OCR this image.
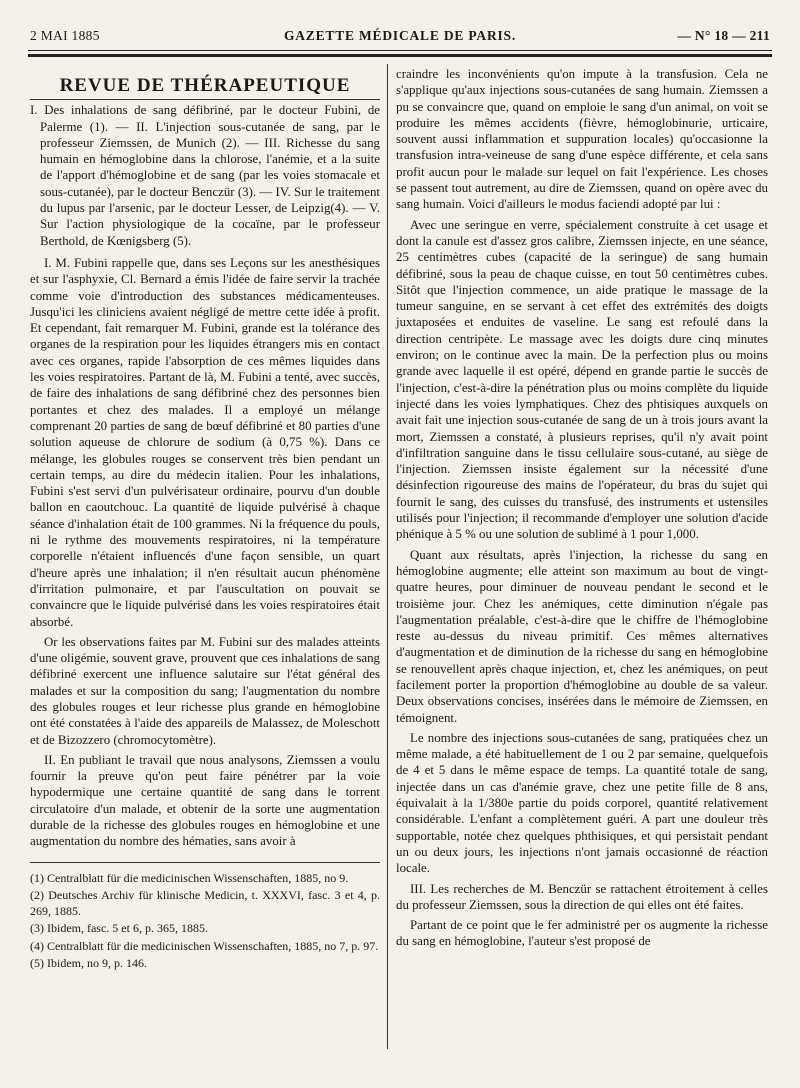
2 MAI 1885	GAZETTE MÉDICALE DE PARIS.	— N° 18 — 211
REVUE DE THÉRAPEUTIQUE

I. Des inhalations de sang défibriné, par le docteur Fubini, de Palerme (1). — II. L'injection sous-cutanée de sang, par le professeur Ziemssen, de Munich (2). — III. Richesse du sang humain en hémoglobine dans la chlorose, l'anémie, et a la suite de l'apport d'hémoglobine et de sang (par les voies stomacale et sous-cutanée), par le docteur Benczür (3). — IV. Sur le traitement du lupus par l'arsenic, par le docteur Lesser, de Leipzig(4). — V. Sur l'action physiologique de la cocaïne, par le professeur Berthold, de Kœnigsberg (5).

I. M. Fubini rappelle que, dans ses Leçons sur les anesthésiques et sur l'asphyxie, Cl. Bernard a émis l'idée de faire servir la trachée comme voie d'introduction des substances médicamenteuses. Jusqu'ici les cliniciens avaient négligé de mettre cette idée à profit. Et cependant, fait remarquer M. Fubini, grande est la tolérance des organes de la respiration pour les liquides étrangers mis en contact avec ces organes, rapide l'absorption de ces mêmes liquides dans les voies respiratoires. Partant de là, M. Fubini a tenté, avec succès, de faire des inhalations de sang défibriné chez des personnes bien portantes et chez des malades. Il a employé un mélange comprenant 20 parties de sang de bœuf défibriné et 80 parties d'une solution aqueuse de chlorure de sodium (à 0,75 %). Dans ce mélange, les globules rouges se conservent très bien pendant un certain temps, au dire du médecin italien. Pour les inhalations, Fubini s'est servi d'un pulvérisateur ordinaire, pourvu d'un double ballon en caoutchouc. La quantité de liquide pulvérisé à chaque séance d'inhalation était de 100 grammes. Ni la fréquence du pouls, ni le rythme des mouvements respiratoires, ni la température corporelle n'étaient influencés d'une façon sensible, un quart d'heure après une inhalation; il n'en résultait aucun phénomène d'irritation pulmonaire, et par l'auscultation on pouvait se convaincre que le liquide pulvérisé dans les voies respiratoires était absorbé.

Or les observations faites par M. Fubini sur des malades atteints d'une oligémie, souvent grave, prouvent que ces inhalations de sang défibriné exercent une influence salutaire sur l'état général des malades et sur la composition du sang; l'augmentation du nombre des globules rouges et leur richesse plus grande en hémoglobine ont été constatées à l'aide des appareils de Malassez, de Moleschott et de Bizozzero (chromocytomètre).

II. En publiant le travail que nous analysons, Ziemssen a voulu fournir la preuve qu'on peut faire pénétrer par la voie hypodermique une certaine quantité de sang dans le torrent circulatoire d'un malade, et obtenir de la sorte une augmentation durable de la richesse des globules rouges en hémoglobine et une augmentation du nombre des hématies, sans avoir à

(1) Centralblatt für die medicinischen Wissenschaften, 1885, no 9.

(2) Deutsches Archiv für klinische Medicin, t. XXXVI, fasc. 3 et 4, p. 269, 1885.

(3) Ibidem, fasc. 5 et 6, p. 365, 1885.

(4) Centralblatt für die medicinischen Wissenschaften, 1885, no 7, p. 97.

(5) Ibidem, no 9, p. 146.

craindre les inconvénients qu'on impute à la transfusion. Cela ne s'applique qu'aux injections sous-cutanées de sang humain. Ziemssen a pu se convaincre que, quand on emploie le sang d'un animal, on voit se produire les mêmes accidents (fièvre, hémoglobinurie, urticaire, souvent aussi inflammation et suppuration locales) qu'occasionne la transfusion intra-veineuse de sang d'une espèce différente, et cela sans profit aucun pour le malade sur lequel on fait l'expérience. Les choses se passent tout autrement, au dire de Ziemssen, quand on opère avec du sang humain. Voici d'ailleurs le modus faciendi adopté par lui :

Avec une seringue en verre, spécialement construite à cet usage et dont la canule est d'assez gros calibre, Ziemssen injecte, en une séance, 25 centimètres cubes (capacité de la seringue) de sang humain défibriné, sous la peau de chaque cuisse, en tout 50 centimètres cubes. Sitôt que l'injection commence, un aide pratique le massage de la tumeur sanguine, en se servant à cet effet des extrémités des doigts juxtaposées et enduites de vaseline. Le sang est refoulé dans la direction centripète. Le massage avec les doigts dure cinq minutes environ; on le continue avec la main. De la perfection plus ou moins grande avec laquelle il est opéré, dépend en grande partie le succès de l'injection, c'est-à-dire la pénétration plus ou moins complète du liquide injecté dans les voies lymphatiques. Chez des phtisiques auxquels on avait fait une injection sous-cutanée de sang de un à trois jours avant la mort, Ziemssen a constaté, à plusieurs reprises, qu'il n'y avait point d'infiltration sanguine dans le tissu cellulaire sous-cutané, au siège de l'injection. Ziemssen insiste également sur la nécessité d'une désinfection rigoureuse des mains de l'opérateur, du bras du sujet qui fournit le sang, des cuisses du transfusé, des instruments et ustensiles utilisés pour l'injection; il recommande d'employer une solution d'acide phénique à 5 % ou une solution de sublimé à 1 pour 1,000.

Quant aux résultats, après l'injection, la richesse du sang en hémoglobine augmente; elle atteint son maximum au bout de vingt-quatre heures, pour diminuer de nouveau pendant le second et le troisième jour. Chez les anémiques, cette diminution n'égale pas l'augmentation préalable, c'est-à-dire que le chiffre de l'hémoglobine reste au-dessus du niveau primitif. Ces mêmes alternatives d'augmentation et de diminution de la richesse du sang en hémoglobine se renouvellent après chaque injection, et, chez les anémiques, on peut facilement porter la proportion d'hémoglobine au double de sa valeur. Deux observations concises, insérées dans le mémoire de Ziemssen, en témoignent.

Le nombre des injections sous-cutanées de sang, pratiquées chez un même malade, a été habituellement de 1 ou 2 par semaine, quelquefois de 4 et 5 dans le même espace de temps. La quantité totale de sang, injectée dans un cas d'anémie grave, chez une petite fille de 8 ans, équivalait à la 1/380e partie du poids corporel, quantité relativement considérable. L'enfant a complètement guéri. A part une douleur très supportable, notée chez quelques phthisiques, et qui persistait pendant un ou deux jours, les injections n'ont jamais occasionné de réaction locale.

III. Les recherches de M. Benczür se rattachent étroitement à celles du professeur Ziemssen, sous la direction de qui elles ont été faites.

Partant de ce point que le fer administré per os augmente la richesse du sang en hémoglobine, l'auteur s'est proposé de
